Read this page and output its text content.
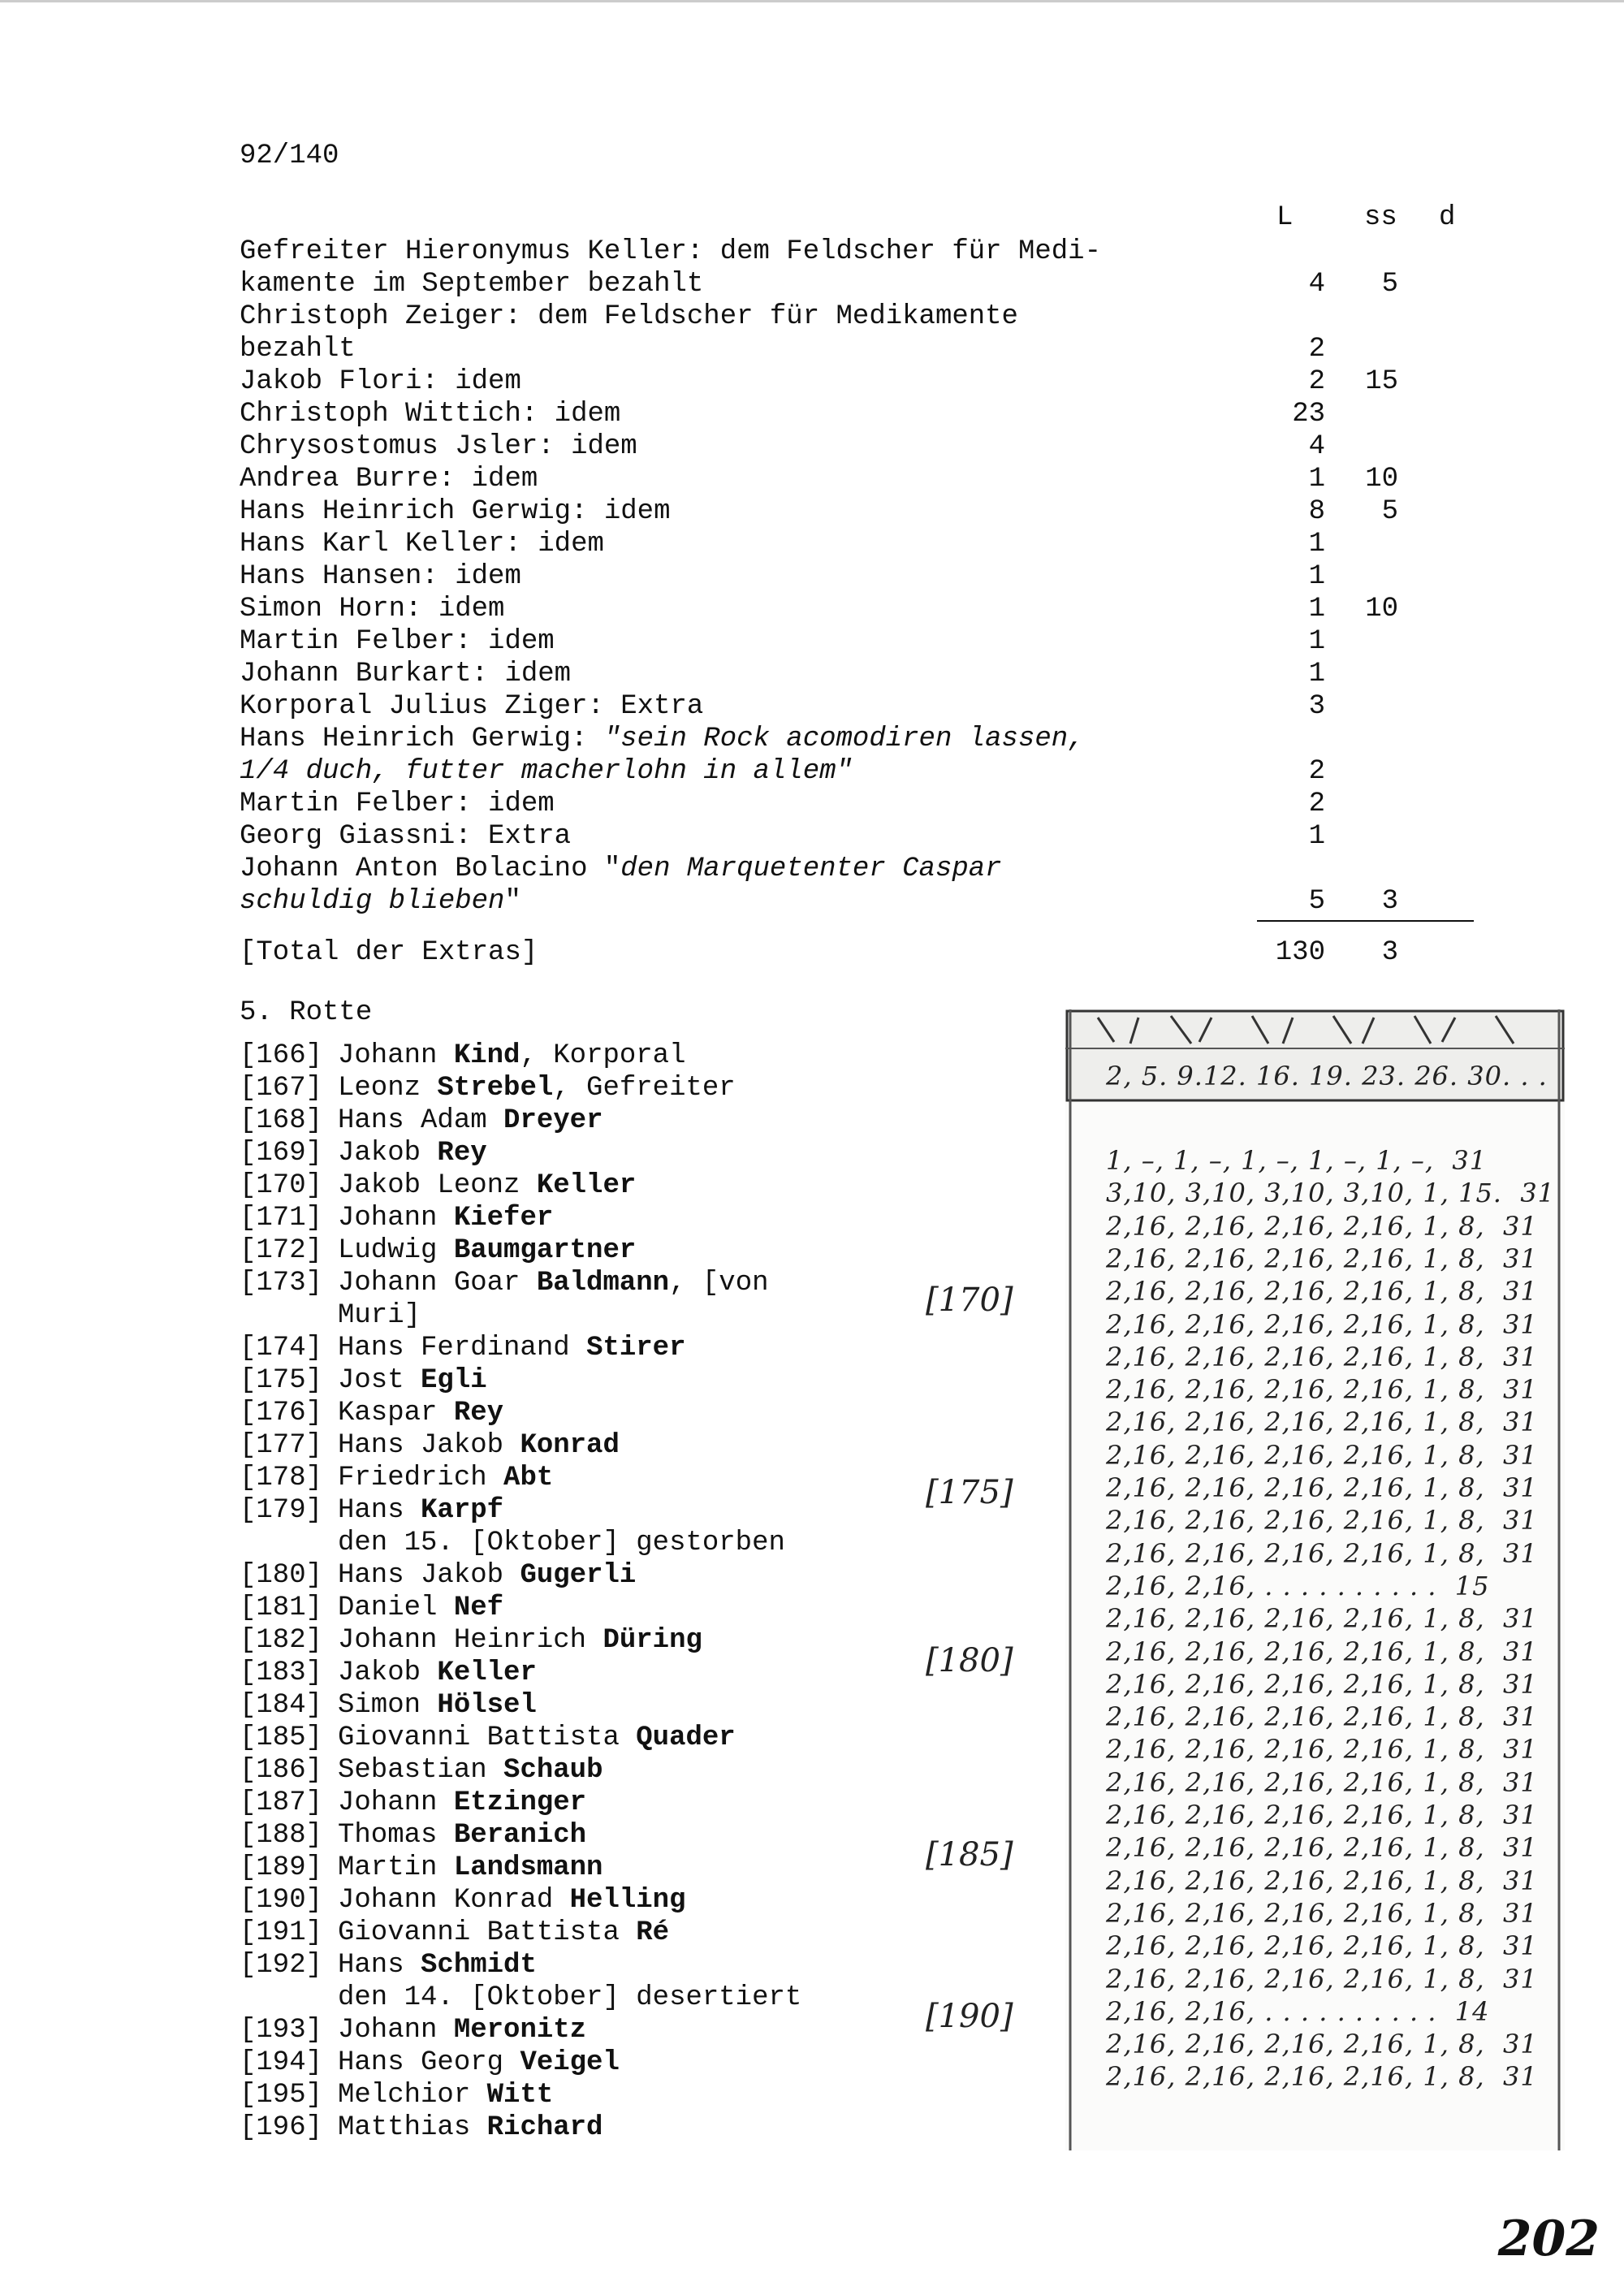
92/140
L	ss d
Gefreiter Hieronymus Keller: dem Feldscher für Medi-
kamente im September bezahlt	4	5
Christoph Zeiger: dem Feldscher für Medikamente
bezahlt	2
Jakob Flori: idem	2	15
Christoph Wittich: idem	23
Chrysostomus Jsler: idem	4
Andrea Burre: idem	1	10
Hans Heinrich Gerwig: idem	8	5
Hans Karl Keller: idem	1
Hans Hansen: idem	1
Simon Horn: idem	1	10
Martin Felber: idem	1
Johann Burkart: idem	1
Korporal Julius Ziger: Extra	3
Hans Heinrich Gerwig: "sein Rock acomodiren lassen,
1/4 duch, futter macherlohn in allem"	2
Martin Felber: idem	2
Georg Giassni: Extra	1
Johann Anton Bolacino "den Marquetenter Caspar
schuldig blieben"	5	3
[Total der Extras]	130	3
5. Rotte
[166] Johann Kind, Korporal
[167] Leonz Strebel, Gefreiter
[168] Hans Adam Dreyer
[169] Jakob Rey
[170] Jakob Leonz Keller
[171] Johann Kiefer
[172] Ludwig Baumgartner
[173] Johann Goar Baldmann, [von
Muri]
[174] Hans Ferdinand Stirer
[175] Jost Egli
[176] Kaspar Rey
[177] Hans Jakob Konrad
[178] Friedrich Abt
[179] Hans Karpf
den 15. [Oktober] gestorben
[180] Hans Jakob Gugerli
[181] Daniel Nef
[182] Johann Heinrich Düring
[183] Jakob Keller
[184] Simon Hölsel
[185] Giovanni Battista Quader
[186] Sebastian Schaub
[187] Johann Etzinger
[188] Thomas Beranich
[189] Martin Landsmann
[190] Johann Konrad Helling
[191] Giovanni Battista Ré
[192] Hans Schmidt
den 14. [Oktober] desertiert
[193] Johann Meronitz
[194] Hans Georg Veigel
[195] Melchior Witt
[196] Matthias Richard
[170]
[175]
[180]
[185]
[190]
2, 5. 9.12. 16. 19. 23. 26. 30. . .
1, –, 1, –, 1, –, 1, –, 1, –,  31
3,10, 3,10, 3,10, 3,10, 1, 15.  31
2,16, 2,16, 2,16, 2,16, 1, 8,  31
2,16, 2,16, 2,16, 2,16, 1, 8,  31
2,16, 2,16, 2,16, 2,16, 1, 8,  31
2,16, 2,16, 2,16, 2,16, 1, 8,  31
2,16, 2,16, 2,16, 2,16, 1, 8,  31
2,16, 2,16, 2,16, 2,16, 1, 8,  31
2,16, 2,16, 2,16, 2,16, 1, 8,  31
2,16, 2,16, 2,16, 2,16, 1, 8,  31
2,16, 2,16, 2,16, 2,16, 1, 8,  31
2,16, 2,16, 2,16, 2,16, 1, 8,  31
2,16, 2,16, 2,16, 2,16, 1, 8,  31
2,16, 2,16, . . . . . . . . . .  15
2,16, 2,16, 2,16, 2,16, 1, 8,  31
2,16, 2,16, 2,16, 2,16, 1, 8,  31
2,16, 2,16, 2,16, 2,16, 1, 8,  31
2,16, 2,16, 2,16, 2,16, 1, 8,  31
2,16, 2,16, 2,16, 2,16, 1, 8,  31
2,16, 2,16, 2,16, 2,16, 1, 8,  31
2,16, 2,16, 2,16, 2,16, 1, 8,  31
2,16, 2,16, 2,16, 2,16, 1, 8,  31
2,16, 2,16, 2,16, 2,16, 1, 8,  31
2,16, 2,16, 2,16, 2,16, 1, 8,  31
2,16, 2,16, 2,16, 2,16, 1, 8,  31
2,16, 2,16, 2,16, 2,16, 1, 8,  31
2,16, 2,16, . . . . . . . . . .  14
2,16, 2,16, 2,16, 2,16, 1, 8,  31
2,16, 2,16, 2,16, 2,16, 1, 8,  31
202
